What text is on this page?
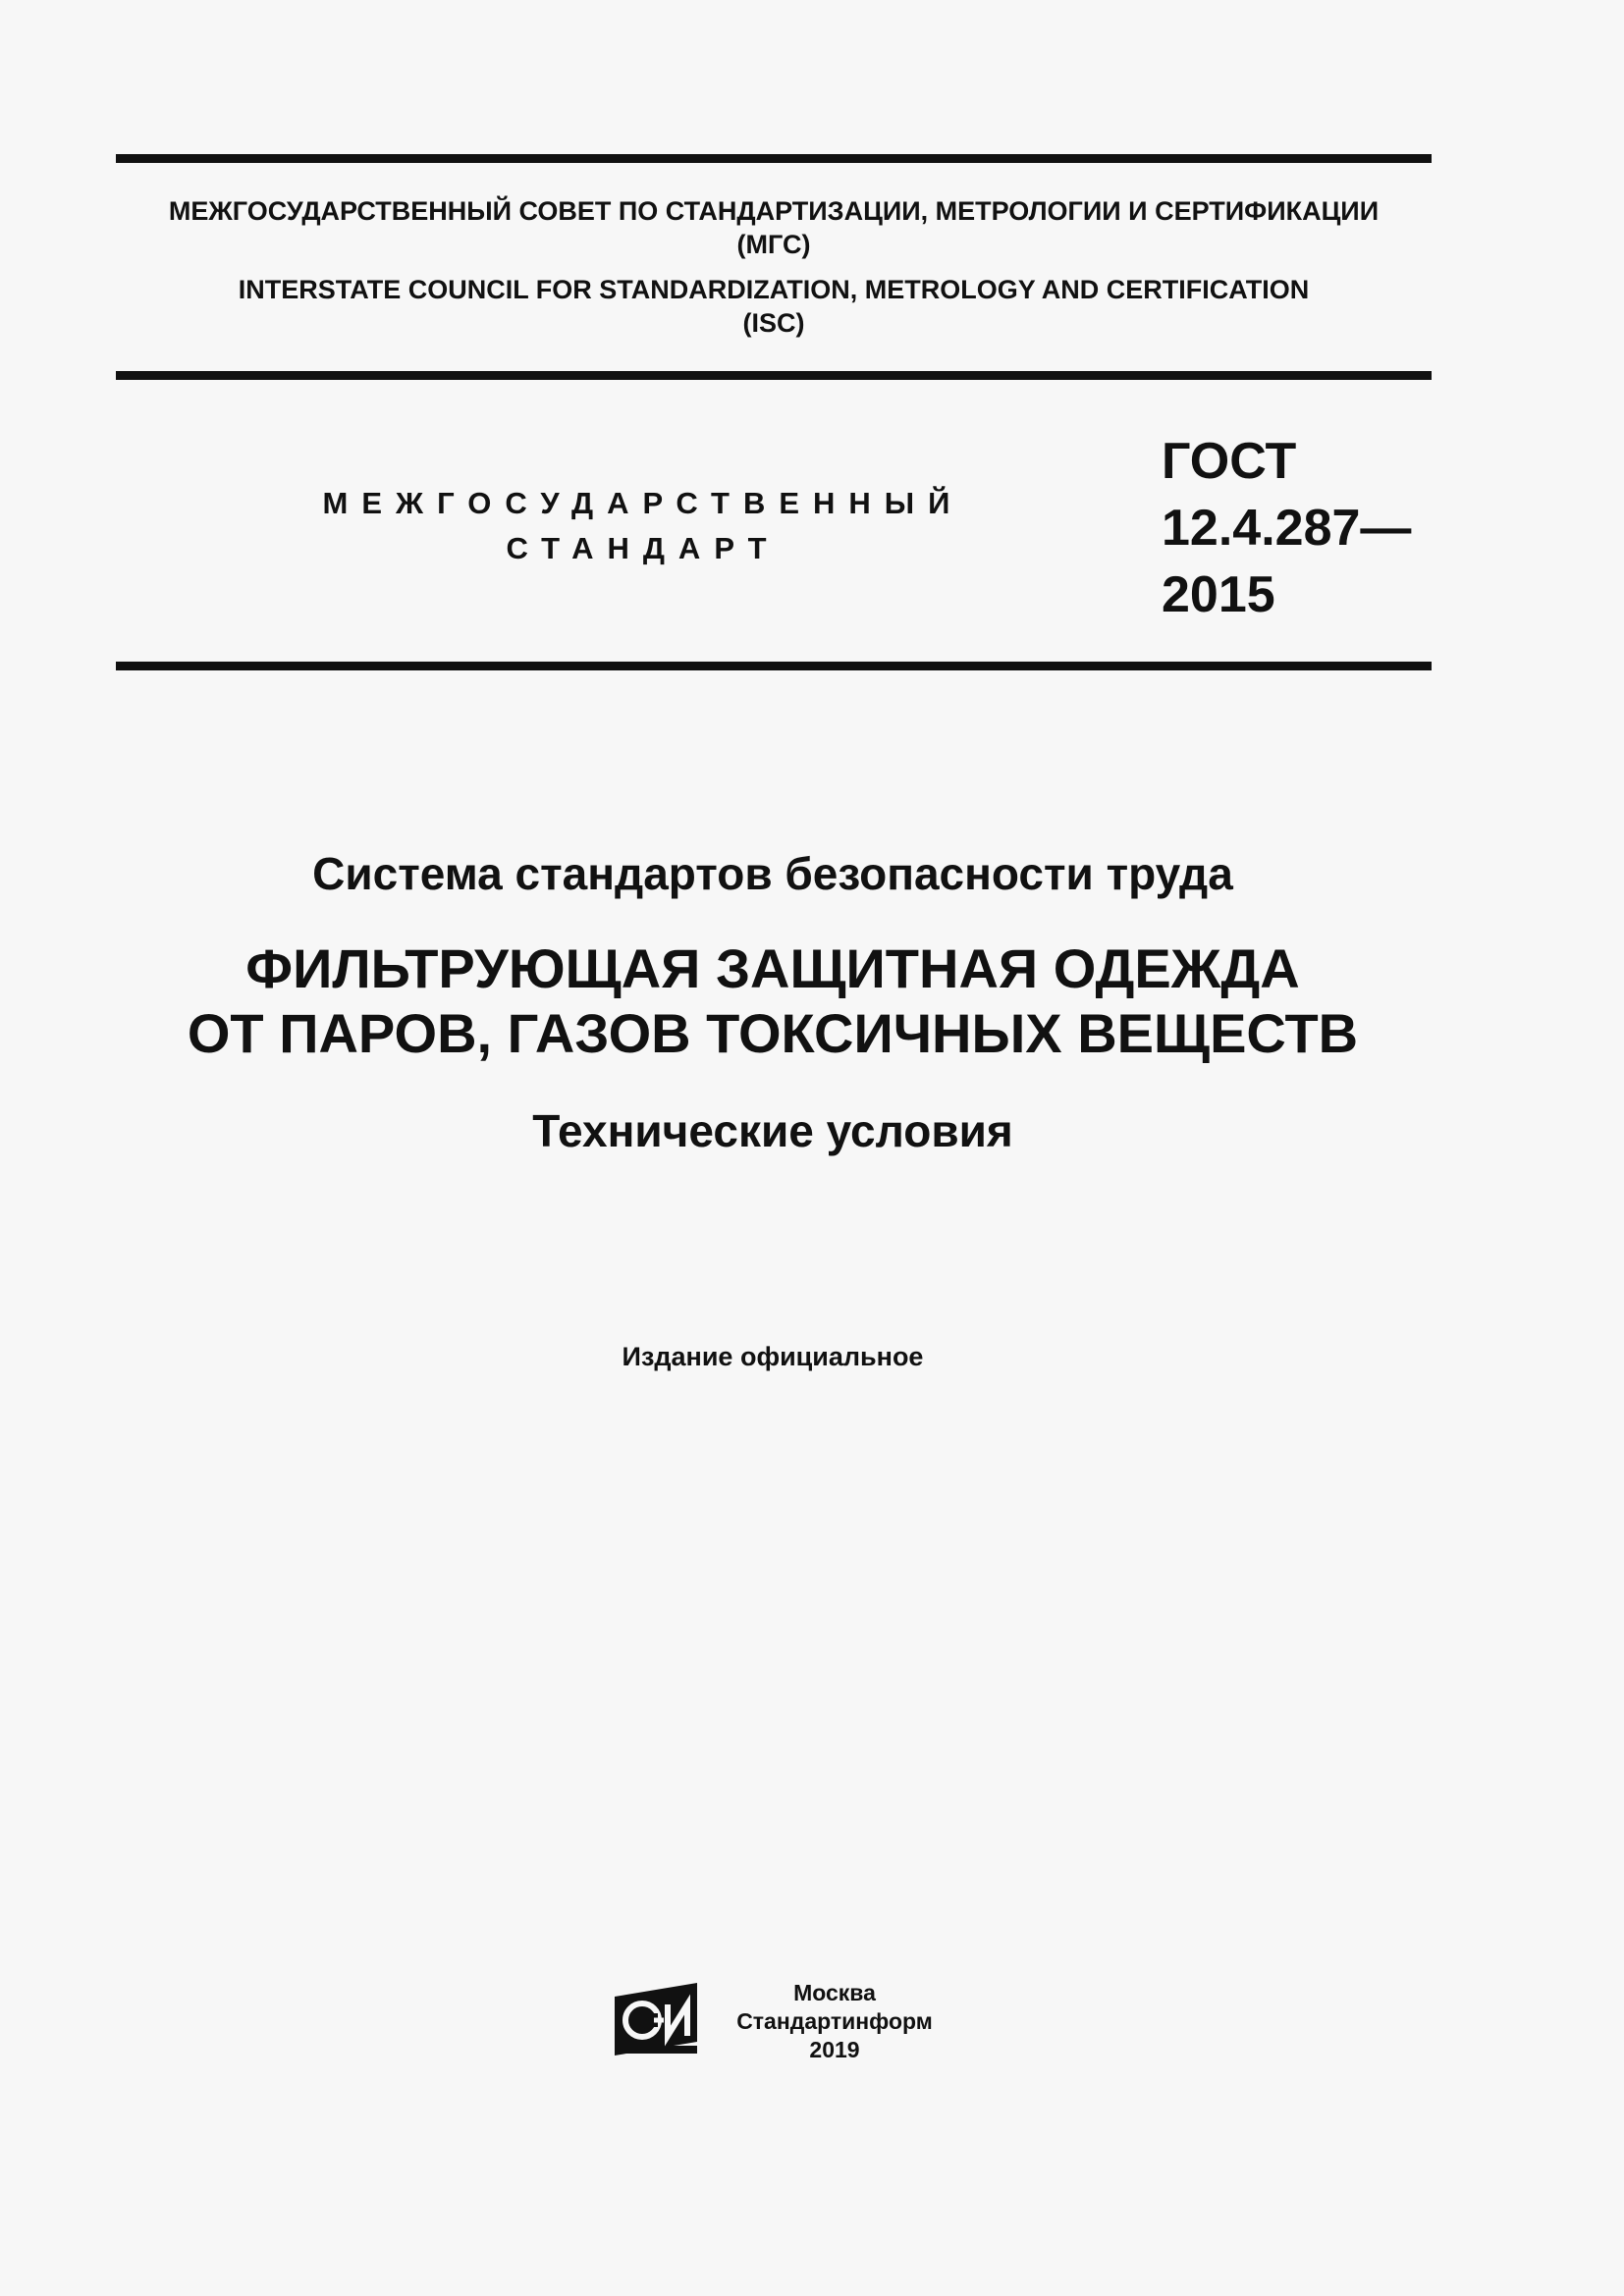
МЕЖГОСУДАРСТВЕННЫЙ СОВЕТ ПО СТАНДАРТИЗАЦИИ, МЕТРОЛОГИИ И СЕРТИФИКАЦИИ
(МГС)
INTERSTATE COUNCIL FOR STANDARDIZATION, METROLOGY AND CERTIFICATION
(ISC)
МЕЖГОСУДАРСТВЕННЫЙ
СТАНДАРТ
ГОСТ
12.4.287—
2015
Система стандартов безопасности труда
ФИЛЬТРУЮЩАЯ ЗАЩИТНАЯ ОДЕЖДА
ОТ ПАРОВ, ГАЗОВ ТОКСИЧНЫХ ВЕЩЕСТВ
Технические условия
Издание официальное
Москва
Стандартинформ
2019
